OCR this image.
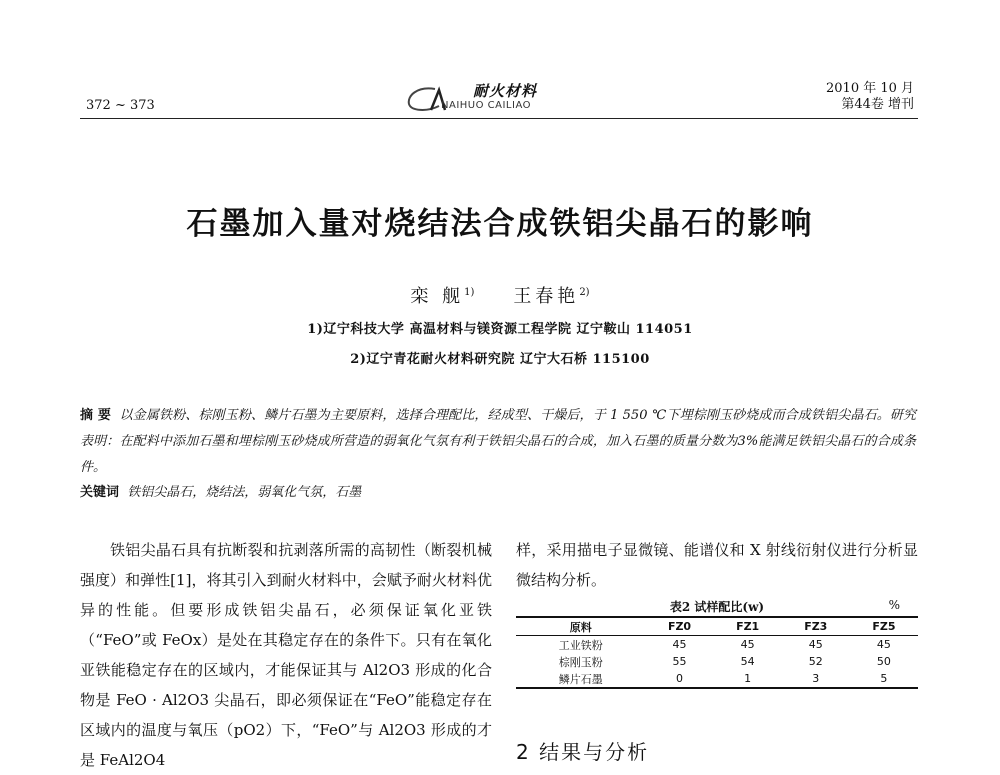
372 ~ 373
耐火材料
NAIHUO CAILIAO
2010 年 10 月
第44卷 增刊
石墨加入量对烧结法合成铁铝尖晶石的影响
栾 舰$^{1)}$ 王春艳$^{2)}$
1)辽宁科技大学 高温材料与镁资源工程学院 辽宁鞍山 114051
2)辽宁青花耐火材料研究院 辽宁大石桥 115100
摘 要 以金属铁粉、棕刚玉粉、鳞片石墨为主要原料，选择合理配比，经成型、干燥后，于 1 550 ℃下埋棕刚玉砂烧成而合成铁铝尖晶石。研究表明：在配料中添加石墨和埋棕刚玉砂烧成所营造的弱氧化气氛有利于铁铝尖晶石的合成，加入石墨的质量分数为3%能满足铁铝尖晶石的合成条件。
关键词 铁铝尖晶石，烧结法，弱氧化气氛，石墨
铁铝尖晶石具有抗断裂和抗剥落所需的高韧性（断裂机械强度）和弹性[1]，将其引入到耐火材料中，会赋予耐火材料优异的性能。但要形成铁铝尖晶石，必须保证氧化亚铁（“FeO”或 FeOx）是处在其稳定存在的条件下。只有在氧化亚铁能稳定存在的区域内，才能保证其与 Al2O3 形成的化合物是 FeO · Al2O3 尖晶石，即必须保证在“FeO”能稳定存在区域内的温度与氧压（pO2）下，“FeO”与 Al2O3 形成的才是 FeAl2O4
样，采用描电子显微镜、能谱仪和 X 射线衍射仪进行分析显微结构分析。
表2 试样配比(w)	%
原料	FZ0	FZ1	FZ3	FZ5
工业铁粉	45	45	45	45
棕刚玉粉	55	54	52	50
鳞片石墨	0	1	3	5
2 结果与分析
